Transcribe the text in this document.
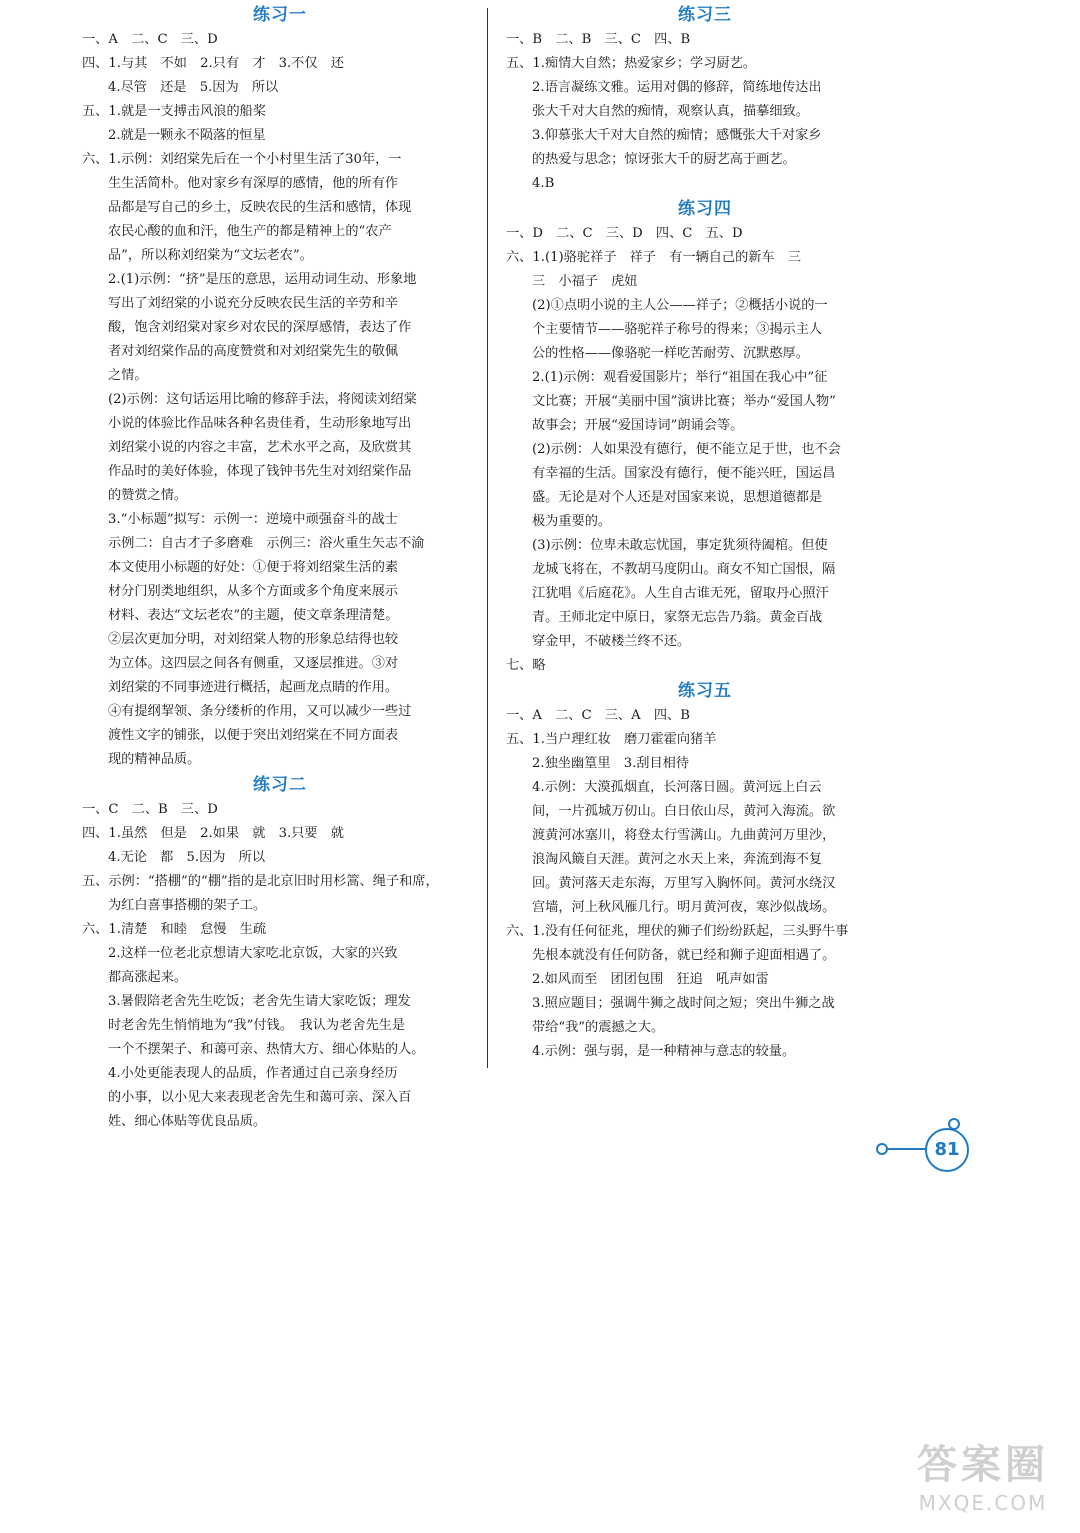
练习一
一、A　二、C　三、D
四、1.与其　不如　2.只有　才　3.不仅　还
4.尽管　还是　5.因为　所以
五、1.就是一支搏击风浪的船桨
2.就是一颗永不陨落的恒星
六、1.示例：刘绍棠先后在一个小村里生活了30年，一
生生活简朴。他对家乡有深厚的感情，他的所有作
品都是写自己的乡土，反映农民的生活和感情，体现
农民心酸的血和汗，他生产的都是精神上的“农产
品”，所以称刘绍棠为“文坛老农”。
2.(1)示例：“挤”是压的意思，运用动词生动、形象地
写出了刘绍棠的小说充分反映农民生活的辛劳和辛
酸，饱含刘绍棠对家乡对农民的深厚感情，表达了作
者对刘绍棠作品的高度赞赏和对刘绍棠先生的敬佩
之情。
(2)示例：这句话运用比喻的修辞手法，将阅读刘绍棠
小说的体验比作品味各种名贵佳肴，生动形象地写出
刘绍棠小说的内容之丰富，艺术水平之高，及欣赏其
作品时的美好体验，体现了钱钟书先生对刘绍棠作品
的赞赏之情。
3.“小标题”拟写：示例一：逆境中顽强奋斗的战士
示例二：自古才子多磨难　示例三：浴火重生矢志不渝
本文使用小标题的好处：①便于将刘绍棠生活的素
材分门别类地组织，从多个方面或多个角度来展示
材料、表达“文坛老农”的主题，使文章条理清楚。
②层次更加分明，对刘绍棠人物的形象总结得也较
为立体。这四层之间各有侧重，又逐层推进。③对
刘绍棠的不同事迹进行概括，起画龙点睛的作用。
④有提纲挈领、条分缕析的作用，又可以减少一些过
渡性文字的铺张，以便于突出刘绍棠在不同方面表
现的精神品质。
练习二
一、C　二、B　三、D
四、1.虽然　但是　2.如果　就　3.只要　就
4.无论　都　5.因为　所以
五、示例：“搭棚”的“棚”指的是北京旧时用杉篙、绳子和席，
为红白喜事搭棚的架子工。
六、1.清楚　和睦　怠慢　生疏
2.这样一位老北京想请大家吃北京饭，大家的兴致
都高涨起来。
3.暑假陪老舍先生吃饭；老舍先生请大家吃饭；理发
时老舍先生悄悄地为“我”付钱。　我认为老舍先生是
一个不摆架子、和蔼可亲、热情大方、细心体贴的人。
4.小处更能表现人的品质，作者通过自己亲身经历
的小事，以小见大来表现老舍先生和蔼可亲、深入百
姓、细心体贴等优良品质。
练习三
一、B　二、B　三、C　四、B
五、1.痴情大自然；热爱家乡；学习厨艺。
2.语言凝练文雅。运用对偶的修辞，简练地传达出
张大千对大自然的痴情，观察认真，描摹细致。
3.仰慕张大千对大自然的痴情；感慨张大千对家乡
的热爱与思念；惊讶张大千的厨艺高于画艺。
4.B
练习四
一、D　二、C　三、D　四、C　五、D
六、1.(1)骆驼祥子　祥子　有一辆自己的新车　三
三　小福子　虎妞
(2)①点明小说的主人公——祥子；②概括小说的一
个主要情节——骆驼祥子称号的得来；③揭示主人
公的性格——像骆驼一样吃苦耐劳、沉默憨厚。
2.(1)示例：观看爱国影片；举行“祖国在我心中”征
文比赛；开展“美丽中国”演讲比赛；举办“爱国人物”
故事会；开展“爱国诗词”朗诵会等。
(2)示例：人如果没有德行，便不能立足于世，也不会
有幸福的生活。国家没有德行，便不能兴旺，国运昌
盛。无论是对个人还是对国家来说，思想道德都是
极为重要的。
(3)示例：位卑未敢忘忧国，事定犹须待阖棺。但使
龙城飞将在，不教胡马度阴山。商女不知亡国恨，隔
江犹唱《后庭花》。人生自古谁无死，留取丹心照汗
青。王师北定中原日，家祭无忘告乃翁。黄金百战
穿金甲，不破楼兰终不还。
七、略
练习五
一、A　二、C　三、A　四、B
五、1.当户理红妆　磨刀霍霍向猪羊
2.独坐幽篁里　3.刮目相待
4.示例：大漠孤烟直，长河落日圆。黄河远上白云
间，一片孤城万仞山。白日依山尽，黄河入海流。欲
渡黄河冰塞川，将登太行雪满山。九曲黄河万里沙，
浪淘风簸自天涯。黄河之水天上来，奔流到海不复
回。黄河落天走东海，万里写入胸怀间。黄河水绕汉
宫墙，河上秋风雁几行。明月黄河夜，寒沙似战场。
六、1.没有任何征兆，埋伏的狮子们纷纷跃起，三头野牛事
先根本就没有任何防备，就已经和狮子迎面相遇了。
2.如风而至　团团包围　狂追　吼声如雷
3.照应题目；强调牛狮之战时间之短；突出牛狮之战
带给“我”的震撼之大。
4.示例：强与弱，是一种精神与意志的较量。
81
答案圈
MXQE.COM
